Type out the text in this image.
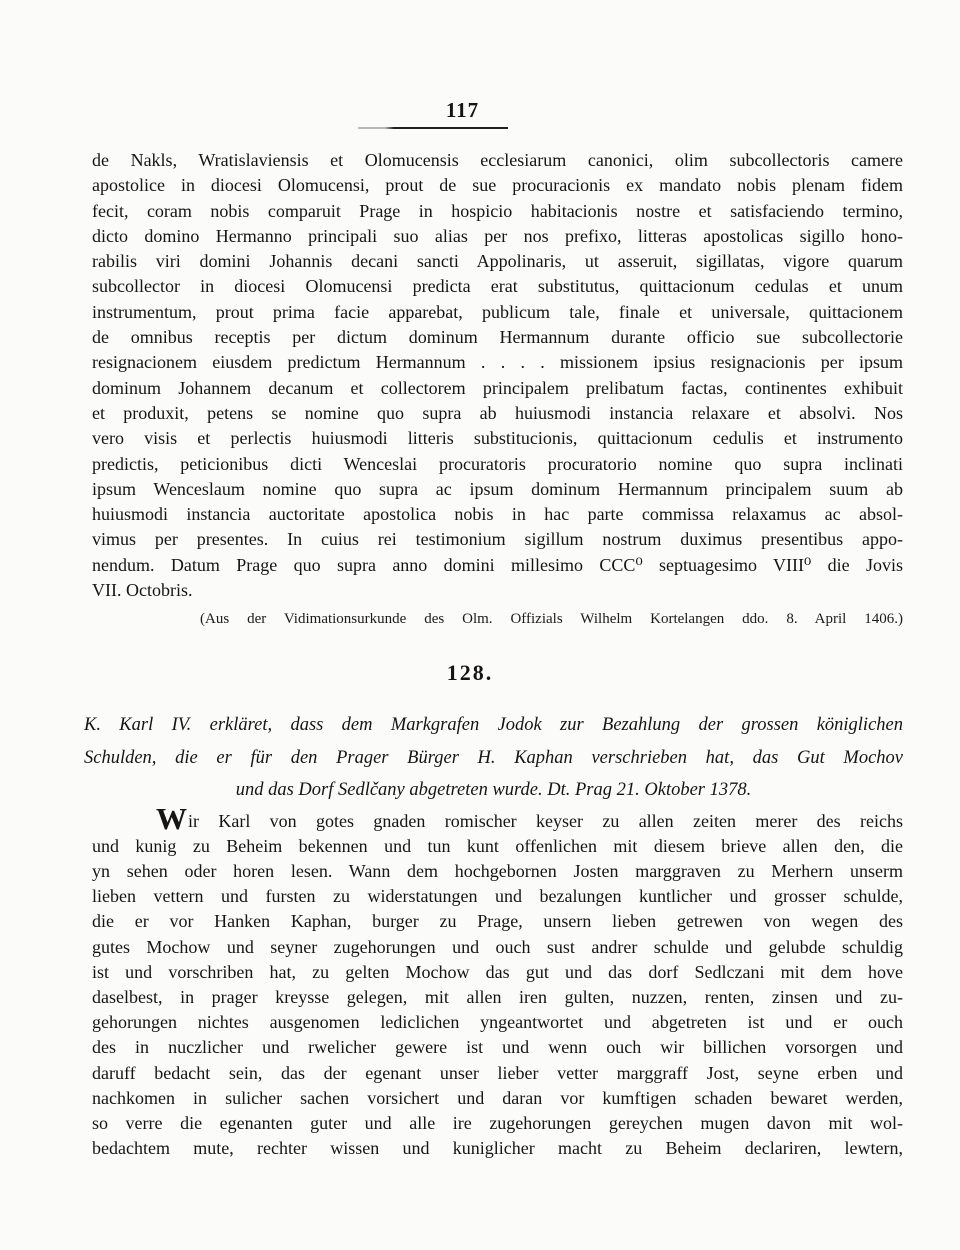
117
de Nakls, Wratislaviensis et Olomucensis ecclesiarum canonici, olim subcollectoris camere
apostolice in diocesi Olomucensi, prout de sue procuracionis ex mandato nobis plenam fidem
fecit, coram nobis comparuit Prage in hospicio habitacionis nostre et satisfaciendo termino,
dicto domino Hermanno principali suo alias per nos prefixo, litteras apostolicas sigillo hono-
rabilis viri domini Johannis decani sancti Appolinaris, ut asseruit, sigillatas, vigore quarum
subcollector in diocesi Olomucensi predicta erat substitutus, quittacionum cedulas et unum
instrumentum, prout prima facie apparebat, publicum tale, finale et universale, quittacionem
de omnibus receptis per dictum dominum Hermannum durante officio sue subcollectorie
resignacionem eiusdem predictum Hermannum . . . . missionem ipsius resignacionis per ipsum
dominum Johannem decanum et collectorem principalem prelibatum factas, continentes exhibuit
et produxit, petens se nomine quo supra ab huiusmodi instancia relaxare et absolvi. Nos
vero visis et perlectis huiusmodi litteris substitucionis, quittacionum cedulis et instrumento
predictis, peticionibus dicti Wenceslai procuratoris procuratorio nomine quo supra inclinati
ipsum Wenceslaum nomine quo supra ac ipsum dominum Hermannum principalem suum ab
huiusmodi instancia auctoritate apostolica nobis in hac parte commissa relaxamus ac absol-
vimus per presentes. In cuius rei testimonium sigillum nostrum duximus presentibus appo-
nendum. Datum Prage quo supra anno domini millesimo CCC⁰ septuagesimo VIII⁰ die Jovis
VII. Octobris.
(Aus der Vidimationsurkunde des Olm. Offizials Wilhelm Kortelangen ddo. 8. April 1406.)
128.
K. Karl IV. erkläret, dass dem Markgrafen Jodok zur Bezahlung der grossen königlichen
Schulden, die er für den Prager Bürger H. Kaphan verschrieben hat, das Gut Mochov
und das Dorf Sedlčany abgetreten wurde. Dt. Prag 21. Oktober 1378.
Wir Karl von gotes gnaden romischer keyser zu allen zeiten merer des reichs
und kunig zu Beheim bekennen und tun kunt offenlichen mit diesem brieve allen den, die
yn sehen oder horen lesen. Wann dem hochgebornen Josten marggraven zu Merhern unserm
lieben vettern und fursten zu widerstatungen und bezalungen kuntlicher und grosser schulde,
die er vor Hanken Kaphan, burger zu Prage, unsern lieben getrewen von wegen des
gutes Mochow und seyner zugehorungen und ouch sust andrer schulde und gelubde schuldig
ist und vorschriben hat, zu gelten Mochow das gut und das dorf Sedlczani mit dem hove
daselbest, in prager kreysse gelegen, mit allen iren gulten, nuzzen, renten, zinsen und zu-
gehorungen nichtes ausgenomen lediclichen yngeantwortet und abgetreten ist und er ouch
des in nuczlicher und rwelicher gewere ist und wenn ouch wir billichen vorsorgen und
daruff bedacht sein, das der egenant unser lieber vetter marggraff Jost, seyne erben und
nachkomen in sulicher sachen vorsichert und daran vor kumftigen schaden bewaret werden,
so verre die egenanten guter und alle ire zugehorungen gereychen mugen davon mit wol-
bedachtem mute, rechter wissen und kuniglicher macht zu Beheim declariren, lewtern,
